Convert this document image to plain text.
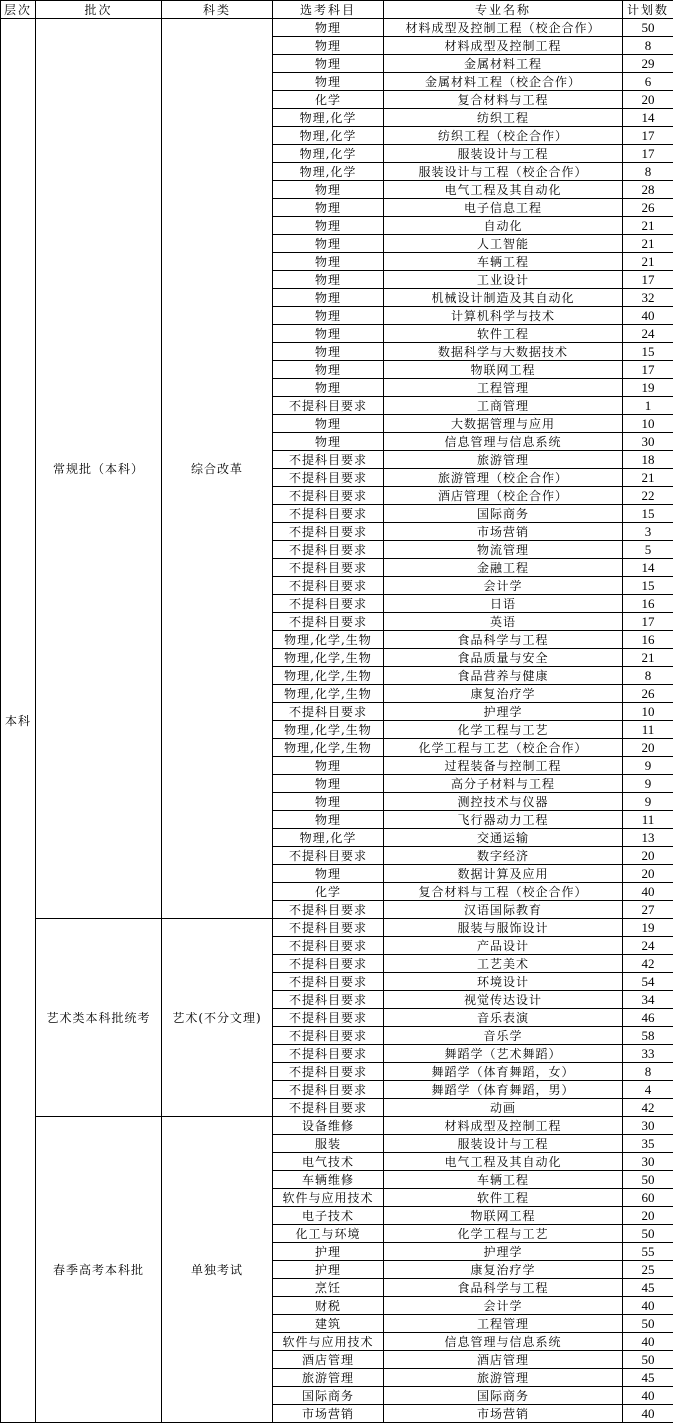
层次	批次	科类	选考科目	专业名称	计划数
本科	常规批（本科）	综合改革	物理	材料成型及控制工程（校企合作）	50
			物理	材料成型及控制工程	8
			物理	金属材料工程	29
			物理	金属材料工程（校企合作）	6
			化学	复合材料与工程	20
			物理,化学	纺织工程	14
			物理,化学	纺织工程（校企合作）	17
			物理,化学	服装设计与工程	17
			物理,化学	服装设计与工程（校企合作）	8
			物理	电气工程及其自动化	28
			物理	电子信息工程	26
			物理	自动化	21
			物理	人工智能	21
			物理	车辆工程	21
			物理	工业设计	17
			物理	机械设计制造及其自动化	32
			物理	计算机科学与技术	40
			物理	软件工程	24
			物理	数据科学与大数据技术	15
			物理	物联网工程	17
			物理	工程管理	19
			不提科目要求	工商管理	1
			物理	大数据管理与应用	10
			物理	信息管理与信息系统	30
			不提科目要求	旅游管理	18
			不提科目要求	旅游管理（校企合作）	21
			不提科目要求	酒店管理（校企合作）	22
			不提科目要求	国际商务	15
			不提科目要求	市场营销	3
			不提科目要求	物流管理	5
			不提科目要求	金融工程	14
			不提科目要求	会计学	15
			不提科目要求	日语	16
			不提科目要求	英语	17
			物理,化学,生物	食品科学与工程	16
			物理,化学,生物	食品质量与安全	21
			物理,化学,生物	食品营养与健康	8
			物理,化学,生物	康复治疗学	26
			不提科目要求	护理学	10
			物理,化学,生物	化学工程与工艺	11
			物理,化学,生物	化学工程与工艺（校企合作）	20
			物理	过程装备与控制工程	9
			物理	高分子材料与工程	9
			物理	测控技术与仪器	9
			物理	飞行器动力工程	11
			物理,化学	交通运输	13
			不提科目要求	数字经济	20
			物理	数据计算及应用	20
			化学	复合材料与工程（校企合作）	40
			不提科目要求	汉语国际教育	27
	艺术类本科批统考	艺术(不分文理)	不提科目要求	服装与服饰设计	19
			不提科目要求	产品设计	24
			不提科目要求	工艺美术	42
			不提科目要求	环境设计	54
			不提科目要求	视觉传达设计	34
			不提科目要求	音乐表演	46
			不提科目要求	音乐学	58
			不提科目要求	舞蹈学（艺术舞蹈）	33
			不提科目要求	舞蹈学（体育舞蹈，女）	8
			不提科目要求	舞蹈学（体育舞蹈，男）	4
			不提科目要求	动画	42
	春季高考本科批	单独考试	设备维修	材料成型及控制工程	30
			服装	服装设计与工程	35
			电气技术	电气工程及其自动化	30
			车辆维修	车辆工程	50
			软件与应用技术	软件工程	60
			电子技术	物联网工程	20
			化工与环境	化学工程与工艺	50
			护理	护理学	55
			护理	康复治疗学	25
			烹饪	食品科学与工程	45
			财税	会计学	40
			建筑	工程管理	50
			软件与应用技术	信息管理与信息系统	40
			酒店管理	酒店管理	50
			旅游管理	旅游管理	45
			国际商务	国际商务	40
			市场营销	市场营销	40
